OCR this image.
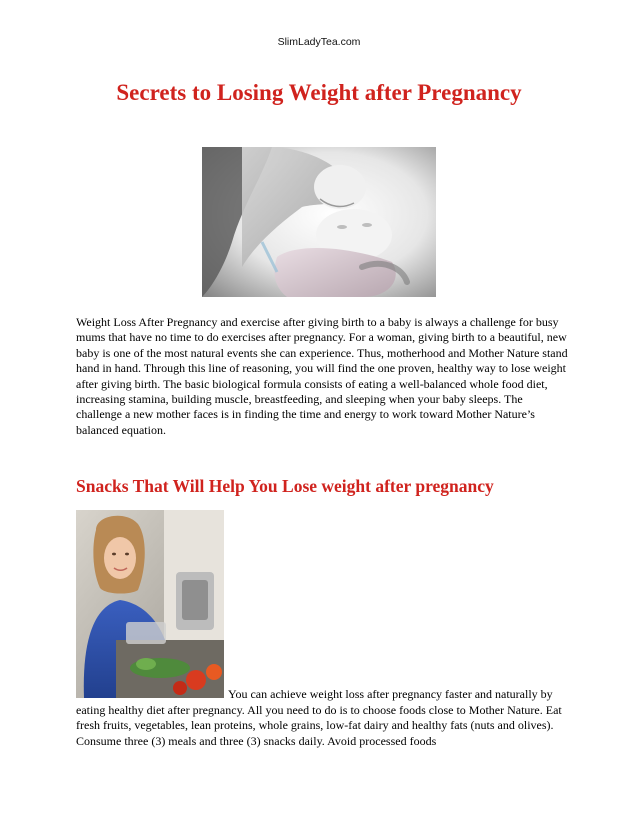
SlimLadyTea.com
Secrets to Losing Weight after Pregnancy

Weight Loss After Pregnancy and exercise after giving birth to a baby is always a challenge for busy mums that have no time to do exercises after pregnancy. For a woman, giving birth to a beautiful, new baby is one of the most natural events she can experience. Thus, motherhood and Mother Nature stand hand in hand. Through this line of reasoning, you will find the one proven, healthy way to lose weight after giving birth. The basic biological formula consists of eating a well-balanced whole food diet, increasing stamina, building muscle, breastfeeding, and sleeping when your baby sleeps. The challenge a new mother faces is in finding the time and energy to work toward Mother Nature’s balanced equation.

Snacks That Will Help You Lose weight after pregnancy

You can achieve weight loss after pregnancy faster and naturally by eating healthy diet after pregnancy. All you need to do is to choose foods close to Mother Nature. Eat fresh fruits, vegetables, lean proteins, whole grains, low-fat dairy and healthy fats (nuts and olives). Consume three (3) meals and three (3) snacks daily. Avoid processed foods
